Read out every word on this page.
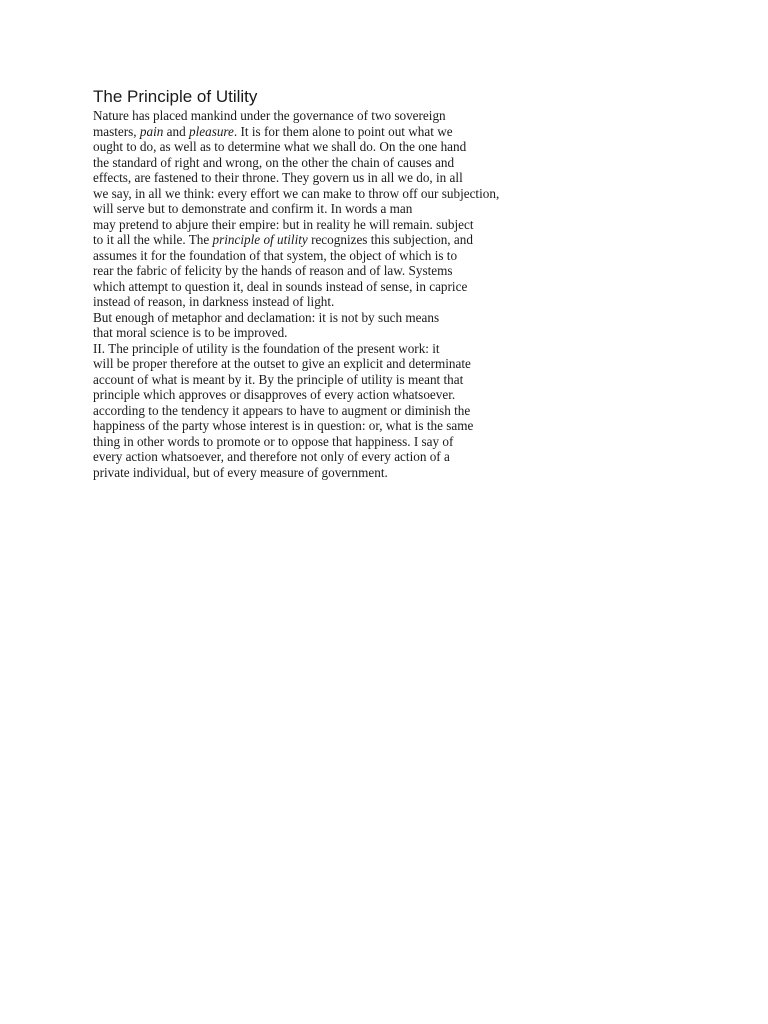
The Principle of Utility
Nature has placed mankind under the governance of two sovereign
masters, pain and pleasure. It is for them alone to point out what we
ought to do, as well as to determine what we shall do. On the one hand
the standard of right and wrong, on the other the chain of causes and
effects, are fastened to their throne. They govern us in all we do, in all
we say, in all we think: every effort we can make to throw off our subjection,
will serve but to demonstrate and confirm it. In words a man
may pretend to abjure their empire: but in reality he will remain. subject
to it all the while. The principle of utility recognizes this subjection, and
assumes it for the foundation of that system, the object of which is to
rear the fabric of felicity by the hands of reason and of law. Systems
which attempt to question it, deal in sounds instead of sense, in caprice
instead of reason, in darkness instead of light.
But enough of metaphor and declamation: it is not by such means
that moral science is to be improved.
II. The principle of utility is the foundation of the present work: it
will be proper therefore at the outset to give an explicit and determinate
account of what is meant by it. By the principle of utility is meant that
principle which approves or disapproves of every action whatsoever.
according to the tendency it appears to have to augment or diminish the
happiness of the party whose interest is in question: or, what is the same
thing in other words to promote or to oppose that happiness. I say of
every action whatsoever, and therefore not only of every action of a
private individual, but of every measure of government.
